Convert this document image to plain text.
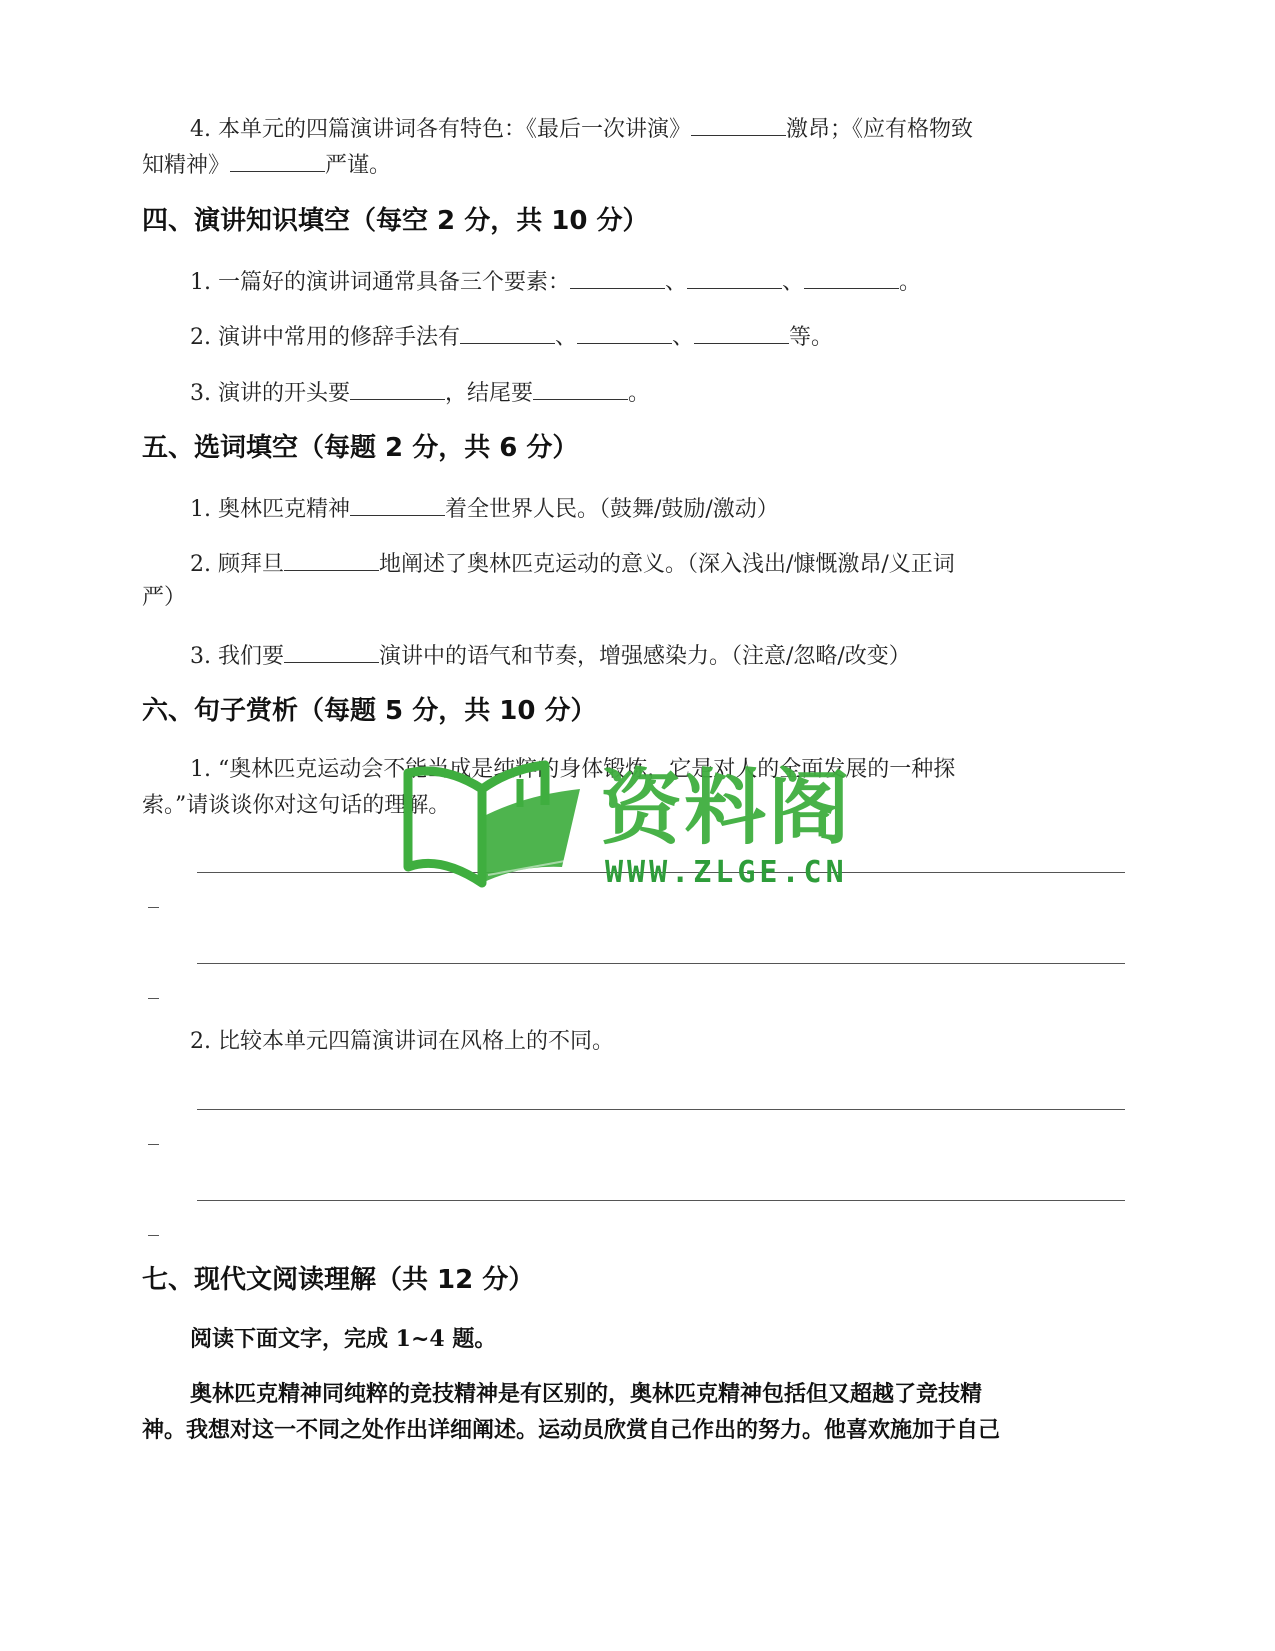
4. 本单元的四篇演讲词各有特色：《最后一次讲演》	激昂；《应有格物致
知精神》	严谨。
四、演讲知识填空（每空 2 分，共 10 分）
1. 一篇好的演讲词通常具备三个要素：	、	、	。
2. 演讲中常用的修辞手法有	、	、	等。
3. 演讲的开头要	，结尾要	。
五、选词填空（每题 2 分，共 6 分）
1. 奥林匹克精神	着全世界人民。（鼓舞/鼓励/激动）
2. 顾拜旦	地阐述了奥林匹克运动的意义。（深入浅出/慷慨激昂/义正词
严）
3. 我们要	演讲中的语气和节奏，增强感染力。（注意/忽略/改变）
六、句子赏析（每题 5 分，共 10 分）
1. “奥林匹克运动会不能当成是纯粹的身体锻炼，它是对人的全面发展的一种探
索。”请谈谈你对这句话的理解。
2. 比较本单元四篇演讲词在风格上的不同。
七、现代文阅读理解（共 12 分）
阅读下面文字，完成 1~4 题。
奥林匹克精神同纯粹的竞技精神是有区别的，奥林匹克精神包括但又超越了竞技精
神。我想对这一不同之处作出详细阐述。运动员欣赏自己作出的努力。他喜欢施加于自己
资料阁
WWW.ZLGE.CN
